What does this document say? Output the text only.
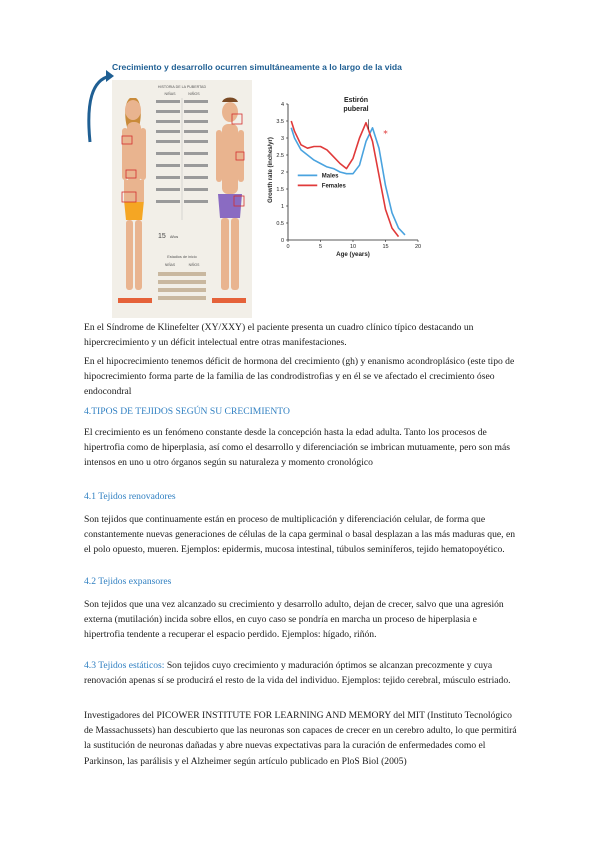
Crecimiento y desarrollo ocurren simultáneamente a lo largo de la vida
HISTORIA DE LA PUBERTAD
NIÑAS	NIÑOS
15 Años
Estadios de inicio
NIÑAS	NIÑOS
Growth rate (inches/yr)
Age (years)
Estirón
puberal
0	5	10	15	20
0
0.5
1
1.5
2
2.5
3
3.5
4
*
Males
Females
En el Síndrome de Klinefelter (XY/XXY) el paciente presenta un cuadro clínico típico destacando un hipercrecimiento y un déficit intelectual entre otras manifestaciones.
En el hipocrecimiento tenemos déficit de hormona del crecimiento (gh) y enanismo acondroplásico (este tipo de hipocrecimiento forma parte de la familia de las condrodistrofias y en él se ve afectado el crecimiento óseo endocondral
4.TIPOS DE TEJIDOS SEGÚN SU CRECIMIENTO
El crecimiento es un fenómeno constante desde la concepción hasta la edad adulta. Tanto los procesos de hipertrofia como de hiperplasia, así como el desarrollo y diferenciación se imbrican mutuamente, pero son más intensos en uno u otro órganos según su naturaleza y momento cronológico
4.1 Tejidos renovadores
Son tejidos que continuamente están en proceso de multiplicación y diferenciación celular, de forma que constantemente nuevas generaciones de células de la capa germinal o basal desplazan a las más maduras que, en el polo opuesto, mueren. Ejemplos: epidermis, mucosa intestinal, túbulos seminíferos, tejido hematopoyético.
4.2 Tejidos expansores
Son tejidos que una vez alcanzado su crecimiento y desarrollo adulto, dejan de crecer, salvo que una agresión externa (mutilación) incida sobre ellos, en cuyo caso se pondría en marcha un proceso de hiperplasia e hipertrofia tendente a recuperar el espacio perdido. Ejemplos: hígado, riñón.
4.3 Tejidos estáticos: Son tejidos cuyo crecimiento y maduración óptimos se alcanzan precozmente y cuya renovación apenas sí se producirá el resto de la vida del individuo. Ejemplos: tejido cerebral, músculo estriado.
Investigadores del PICOWER INSTITUTE FOR LEARNING AND MEMORY del MIT (Instituto Tecnológico de Massachussets) han descubierto que las neuronas son capaces de crecer en un cerebro adulto, lo que permitirá la sustitución de neuronas dañadas y abre nuevas expectativas para la curación de enfermedades como el Parkinson, las parálisis y el Alzheimer según artículo publicado en PloS Biol (2005)
